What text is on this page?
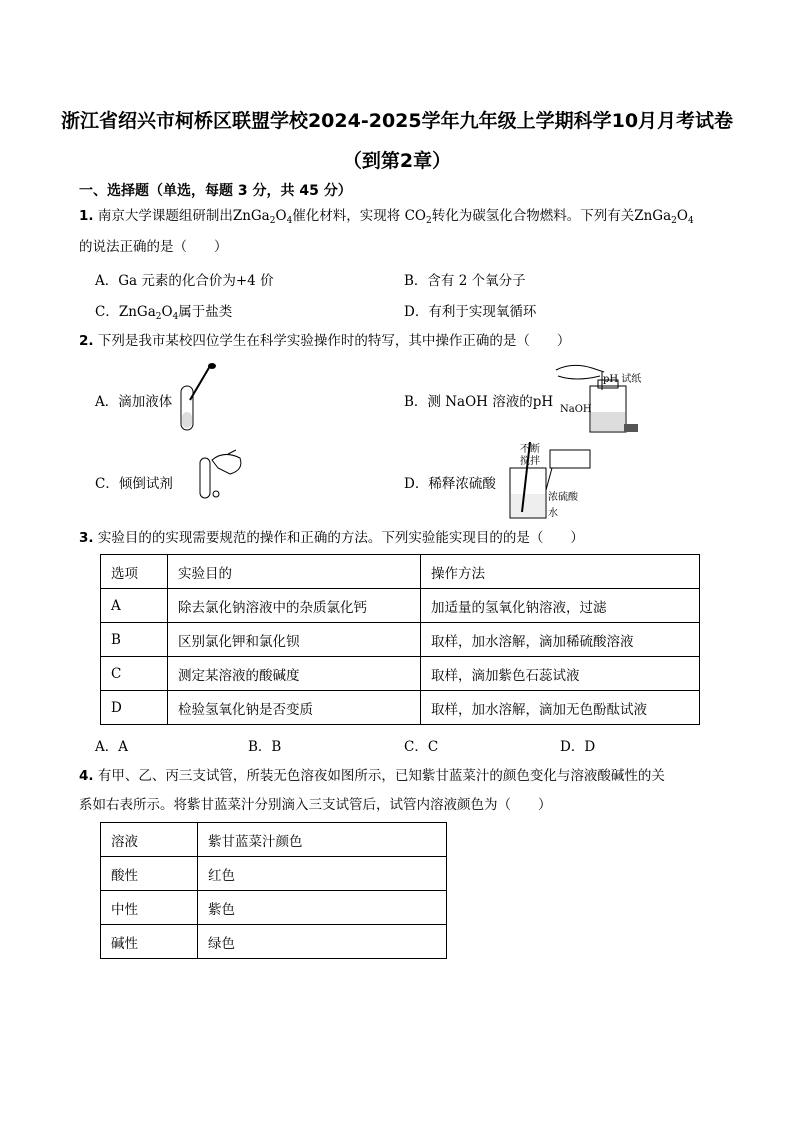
浙江省绍兴市柯桥区联盟学校2024-2025学年九年级上学期科学10月月考试卷
（到第2章）
一、选择题（单选，每题 3 分，共 45 分）
1. 南京大学课题组研制出$ZnGa_2O_4$催化材料，实现将 $CO_2$转化为碳氢化合物燃料。下列有关$ZnGa_2O_4$
的说法正确的是（　　）
A．Ga 元素的化合价为+4 价	B．含有 2 个氧分子
C．$ZnGa_2O_4$属于盐类	D．有利于实现氧循环
2. 下列是我市某校四位学生在科学实验操作时的特写，其中操作正确的是（　　）
A．滴加液体	B．测 NaOH 溶液的pH
pH 试纸
NaOH
C．倾倒试剂	D．稀释浓硫酸
不断
搅拌
浓硫酸
水
3. 实验目的的实现需要规范的操作和正确的方法。下列实验能实现目的的是（　　）
选项	实验目的	操作方法
A	除去氯化钠溶液中的杂质氯化钙	加适量的氢氧化钠溶液，过滤
B	区别氯化钾和氯化钡	取样，加水溶解，滴加稀硫酸溶液
C	测定某溶液的酸碱度	取样，滴加紫色石蕊试液
D	检验氢氧化钠是否变质	取样，加水溶解，滴加无色酚酞试液
A．A	B．B	C．C	D．D
4. 有甲、乙、丙三支试管，所装无色溶夜如图所示，已知紫甘蓝菜汁的颜色变化与溶液酸碱性的关
系如右表所示。将紫甘蓝菜汁分别滴入三支试管后，试管内溶液颜色为（　　）
溶液	紫甘蓝菜汁颜色
酸性	红色
中性	紫色
碱性	绿色
